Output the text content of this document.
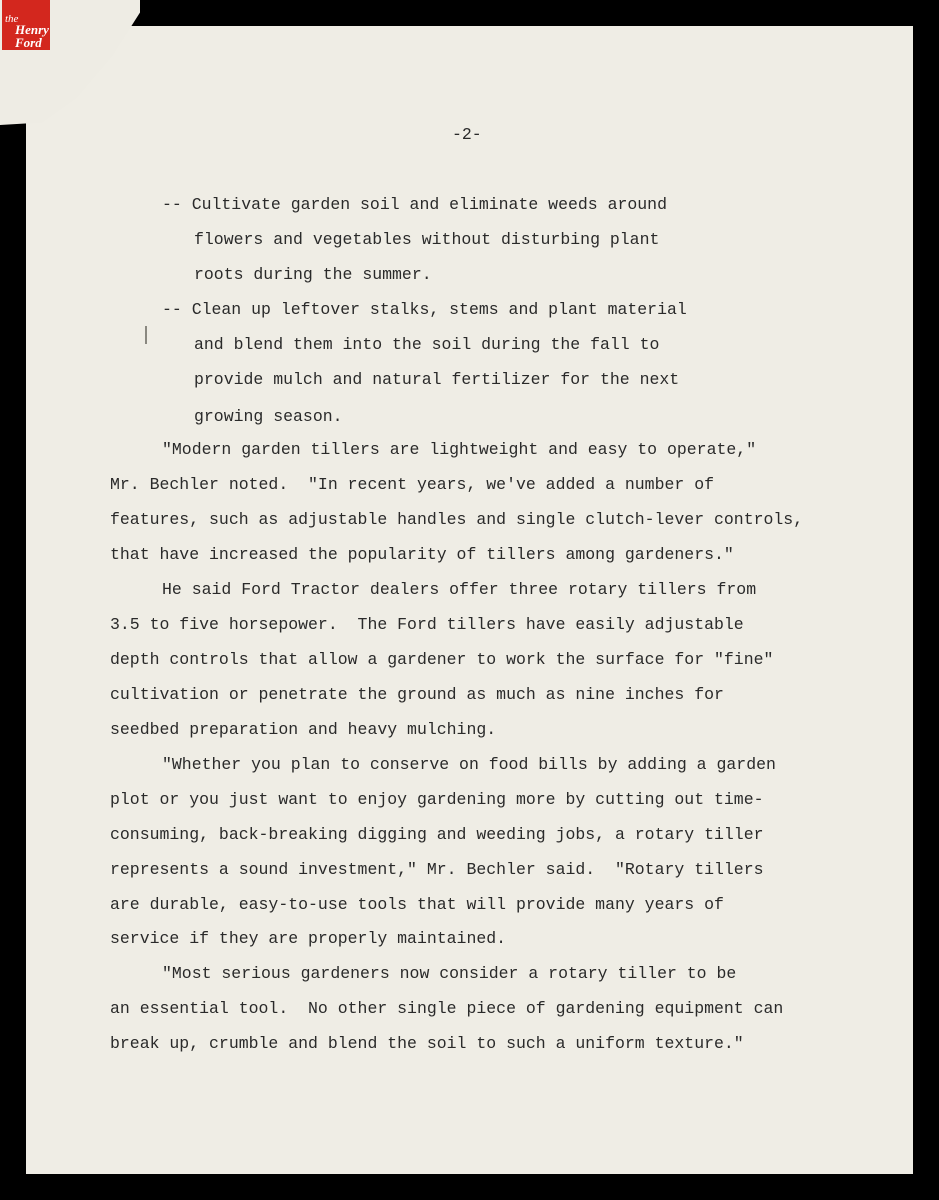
the
Henry
Ford
-2-
-- Cultivate garden soil and eliminate weeds around
flowers and vegetables without disturbing plant
roots during the summer.
-- Clean up leftover stalks, stems and plant material
and blend them into the soil during the fall to
provide mulch and natural fertilizer for the next
growing season.
"Modern garden tillers are lightweight and easy to operate,"
Mr. Bechler noted.  "In recent years, we've added a number of
features, such as adjustable handles and single clutch-lever controls,
that have increased the popularity of tillers among gardeners."
He said Ford Tractor dealers offer three rotary tillers from
3.5 to five horsepower.  The Ford tillers have easily adjustable
depth controls that allow a gardener to work the surface for "fine"
cultivation or penetrate the ground as much as nine inches for
seedbed preparation and heavy mulching.
"Whether you plan to conserve on food bills by adding a garden
plot or you just want to enjoy gardening more by cutting out time-
consuming, back-breaking digging and weeding jobs, a rotary tiller
represents a sound investment," Mr. Bechler said.  "Rotary tillers
are durable, easy-to-use tools that will provide many years of
service if they are properly maintained.
"Most serious gardeners now consider a rotary tiller to be
an essential tool.  No other single piece of gardening equipment can
break up, crumble and blend the soil to such a uniform texture."
